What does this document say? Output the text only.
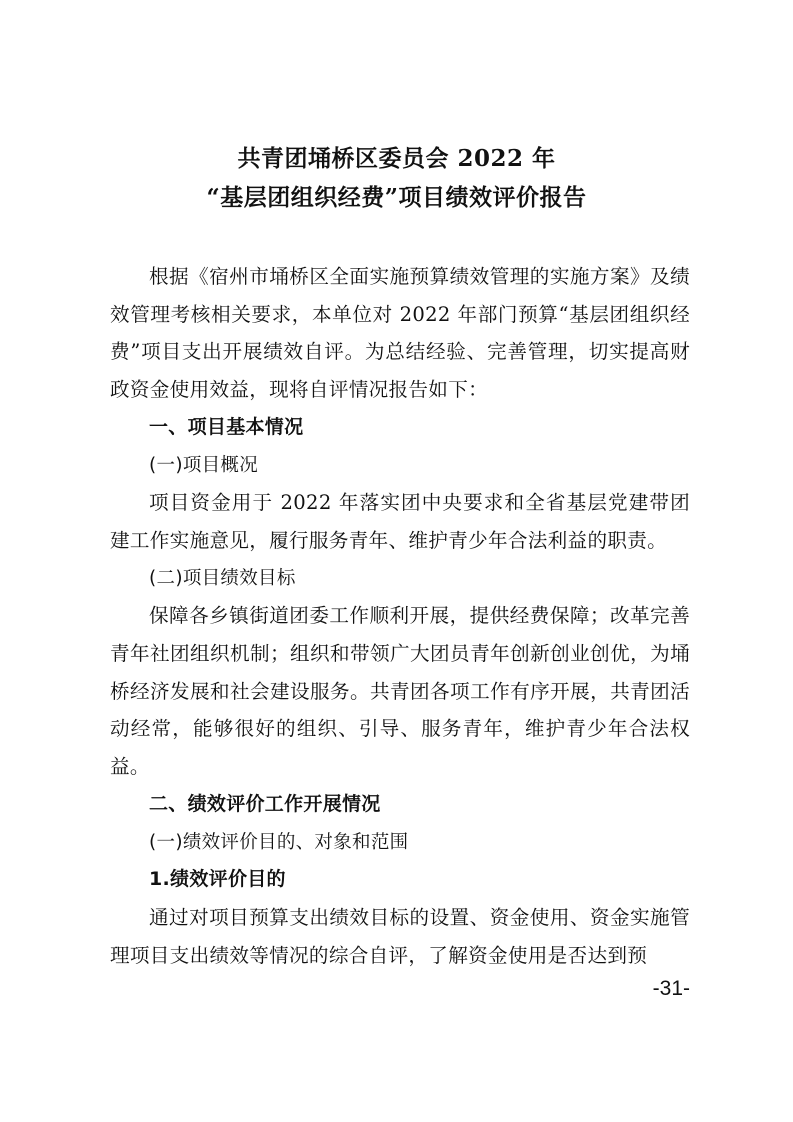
共青团埇桥区委员会 2022 年
“基层团组织经费”项目绩效评价报告

根据《宿州市埇桥区全面实施预算绩效管理的实施方案》及绩效管理考核相关要求，本单位对 2022 年部门预算“基层团组织经费”项目支出开展绩效自评。为总结经验、完善管理，切实提高财政资金使用效益，现将自评情况报告如下：

一、项目基本情况

(一)项目概况

项目资金用于 2022 年落实团中央要求和全省基层党建带团建工作实施意见，履行服务青年、维护青少年合法利益的职责。

(二)项目绩效目标

保障各乡镇街道团委工作顺利开展，提供经费保障；改革完善青年社团组织机制；组织和带领广大团员青年创新创业创优，为埇桥经济发展和社会建设服务。共青团各项工作有序开展，共青团活动经常，能够很好的组织、引导、服务青年，维护青少年合法权益。

二、绩效评价工作开展情况

(一)绩效评价目的、对象和范围

1.绩效评价目的

通过对项目预算支出绩效目标的设置、资金使用、资金实施管理项目支出绩效等情况的综合自评，了解资金使用是否达到预

-31-
